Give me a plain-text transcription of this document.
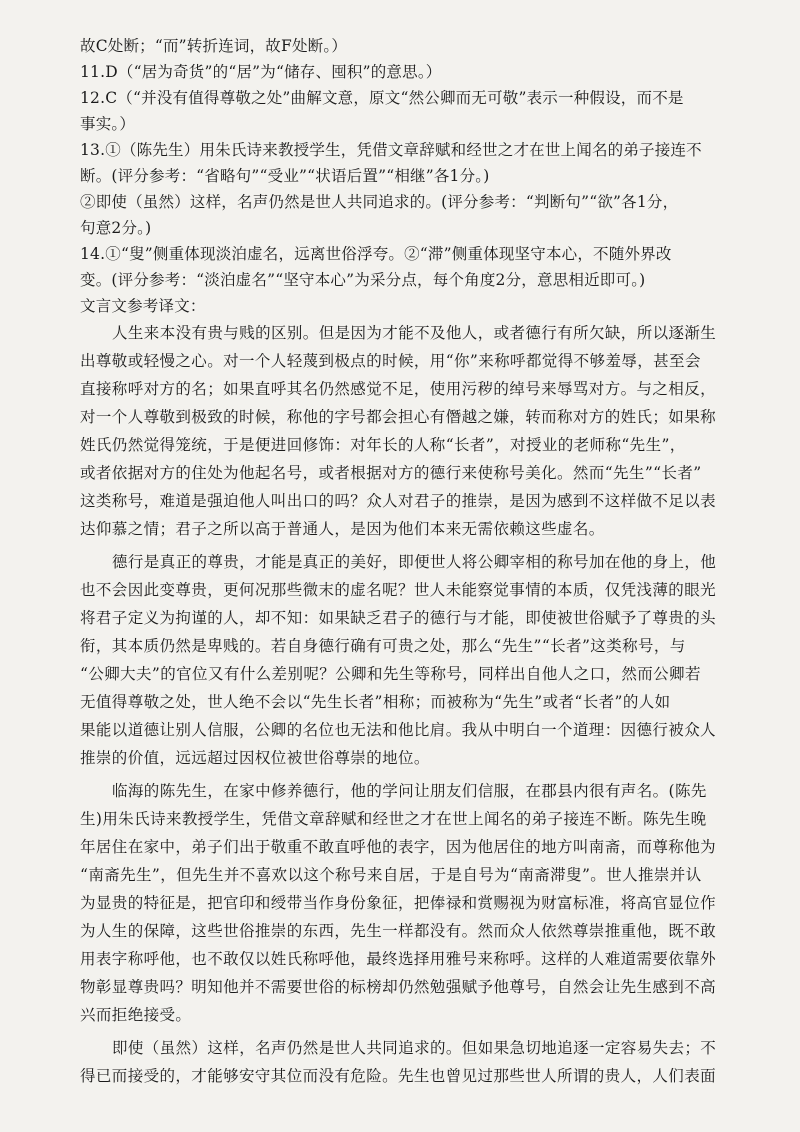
故C处断；“而”转折连词，故F处断。）
11.D（“居为奇货”的“居”为“储存、囤积”的意思。）
12.C（“并没有值得尊敬之处”曲解文意，原文“然公卿而无可敬”表示一种假设，而不是
事实。）
13.①（陈先生）用朱氏诗来教授学生，凭借文章辞赋和经世之才在世上闻名的弟子接连不
断。(评分参考：“省略句”“受业”“状语后置”“相继”各1分。)
②即使（虽然）这样，名声仍然是世人共同追求的。(评分参考：“判断句”“欲”各1分，
句意2分。)
14.①“叟”侧重体现淡泊虚名，远离世俗浮夸。②“滞”侧重体现坚守本心，不随外界改
变。(评分参考：“淡泊虚名”“坚守本心”为采分点，每个角度2分，意思相近即可。)
文言文参考译文：

人生来本没有贵与贱的区别。但是因为才能不及他人，或者德行有所欠缺，所以逐渐生
出尊敬或轻慢之心。对一个人轻蔑到极点的时候，用“你”来称呼都觉得不够羞辱，甚至会
直接称呼对方的名；如果直呼其名仍然感觉不足，使用污秽的绰号来辱骂对方。与之相反，
对一个人尊敬到极致的时候，称他的字号都会担心有僭越之嫌，转而称对方的姓氏；如果称
姓氏仍然觉得笼统，于是便进回修饰：对年长的人称“长者”，对授业的老师称“先生”，
或者依据对方的住处为他起名号，或者根据对方的德行来使称号美化。然而“先生”“长者”
这类称号，难道是强迫他人叫出口的吗？众人对君子的推崇，是因为感到不这样做不足以表
达仰慕之情；君子之所以高于普通人，是因为他们本来无需依赖这些虚名。

德行是真正的尊贵，才能是真正的美好，即便世人将公卿宰相的称号加在他的身上，他
也不会因此变尊贵，更何况那些微末的虚名呢？世人未能察觉事情的本质，仅凭浅薄的眼光
将君子定义为拘谨的人，却不知：如果缺乏君子的德行与才能，即使被世俗赋予了尊贵的头
衔，其本质仍然是卑贱的。若自身德行确有可贵之处，那么“先生”“长者”这类称号，与
“公卿大夫”的官位又有什么差别呢？公卿和先生等称号，同样出自他人之口，然而公卿若
无值得尊敬之处，世人绝不会以“先生长者”相称；而被称为“先生”或者“长者”的人如
果能以道德让别人信服，公卿的名位也无法和他比肩。我从中明白一个道理：因德行被众人
推崇的价值，远远超过因权位被世俗尊崇的地位。

临海的陈先生，在家中修养德行，他的学问让朋友们信服，在郡县内很有声名。(陈先
生)用朱氏诗来教授学生，凭借文章辞赋和经世之才在世上闻名的弟子接连不断。陈先生晚
年居住在家中，弟子们出于敬重不敢直呼他的表字，因为他居住的地方叫南斋，而尊称他为
“南斋先生”，但先生并不喜欢以这个称号来自居，于是自号为“南斋滞叟”。世人推崇并认
为显贵的特征是，把官印和绶带当作身份象征，把俸禄和赏赐视为财富标准，将高官显位作
为人生的保障，这些世俗推崇的东西，先生一样都没有。然而众人依然尊崇推重他，既不敢
用表字称呼他，也不敢仅以姓氏称呼他，最终选择用雅号来称呼。这样的人难道需要依靠外
物彰显尊贵吗？明知他并不需要世俗的标榜却仍然勉强赋予他尊号，自然会让先生感到不高
兴而拒绝接受。

即使（虽然）这样，名声仍然是世人共同追求的。但如果急切地追逐一定容易失去；不
得已而接受的，才能够安守其位而没有危险。先生也曾见过那些世人所谓的贵人，人们表面
